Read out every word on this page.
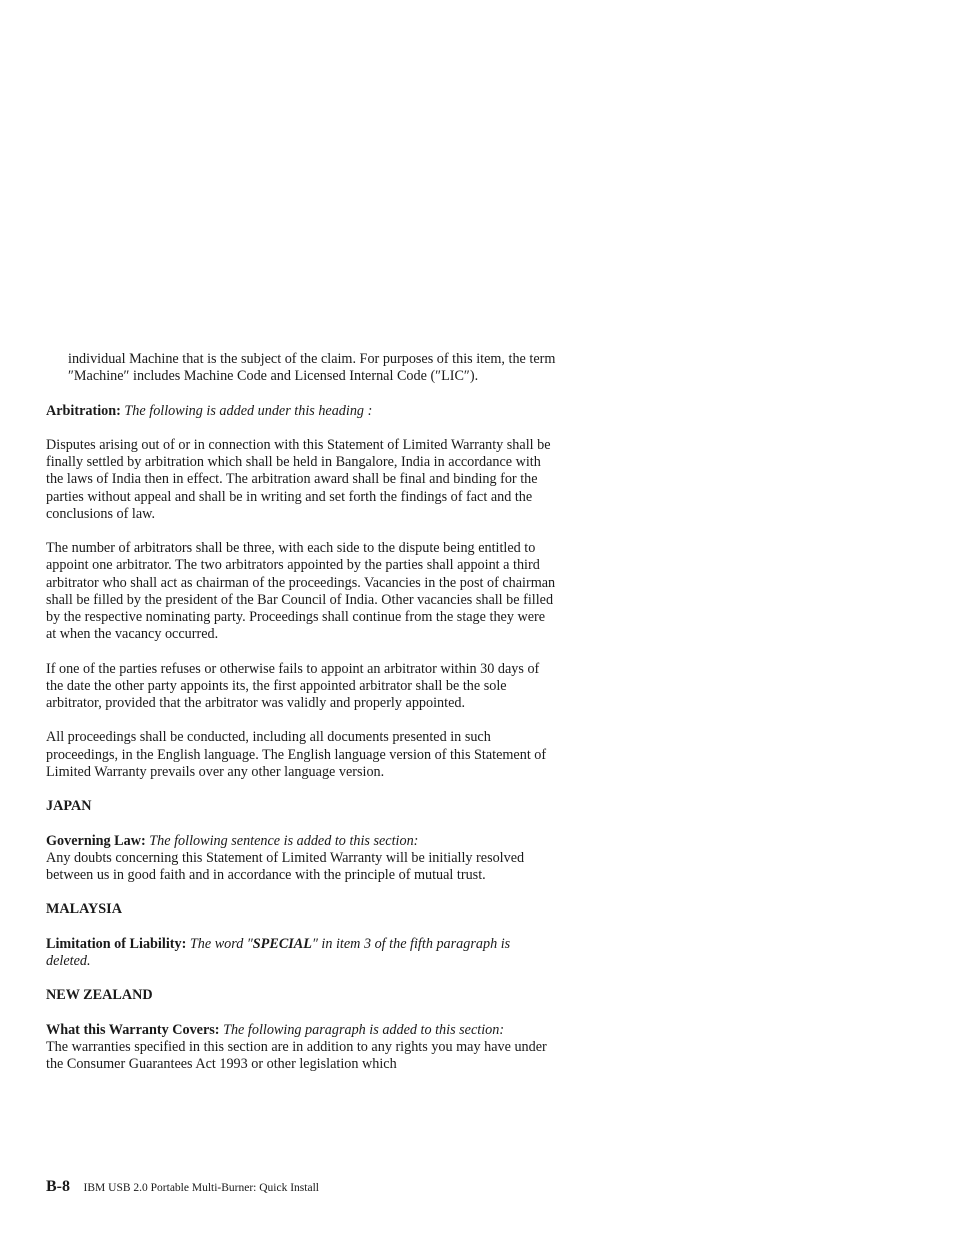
individual Machine that is the subject of the claim. For purposes of this item, the term ″Machine″ includes Machine Code and Licensed Internal Code (″LIC″).

Arbitration: The following is added under this heading :

Disputes arising out of or in connection with this Statement of Limited Warranty shall be finally settled by arbitration which shall be held in Bangalore, India in accordance with the laws of India then in effect. The arbitration award shall be final and binding for the parties without appeal and shall be in writing and set forth the findings of fact and the conclusions of law.

The number of arbitrators shall be three, with each side to the dispute being entitled to appoint one arbitrator. The two arbitrators appointed by the parties shall appoint a third arbitrator who shall act as chairman of the proceedings. Vacancies in the post of chairman shall be filled by the president of the Bar Council of India. Other vacancies shall be filled by the respective nominating party. Proceedings shall continue from the stage they were at when the vacancy occurred.

If one of the parties refuses or otherwise fails to appoint an arbitrator within 30 days of the date the other party appoints its, the first appointed arbitrator shall be the sole arbitrator, provided that the arbitrator was validly and properly appointed.

All proceedings shall be conducted, including all documents presented in such proceedings, in the English language. The English language version of this Statement of Limited Warranty prevails over any other language version.

JAPAN

Governing Law: The following sentence is added to this section:

Any doubts concerning this Statement of Limited Warranty will be initially resolved between us in good faith and in accordance with the principle of mutual trust.

MALAYSIA

Limitation of Liability: The word ″SPECIAL″ in item 3 of the fifth paragraph is deleted.

NEW ZEALAND

What this Warranty Covers: The following paragraph is added to this section:

The warranties specified in this section are in addition to any rights you may have under the Consumer Guarantees Act 1993 or other legislation which

B-8 IBM USB 2.0 Portable Multi-Burner: Quick Install
